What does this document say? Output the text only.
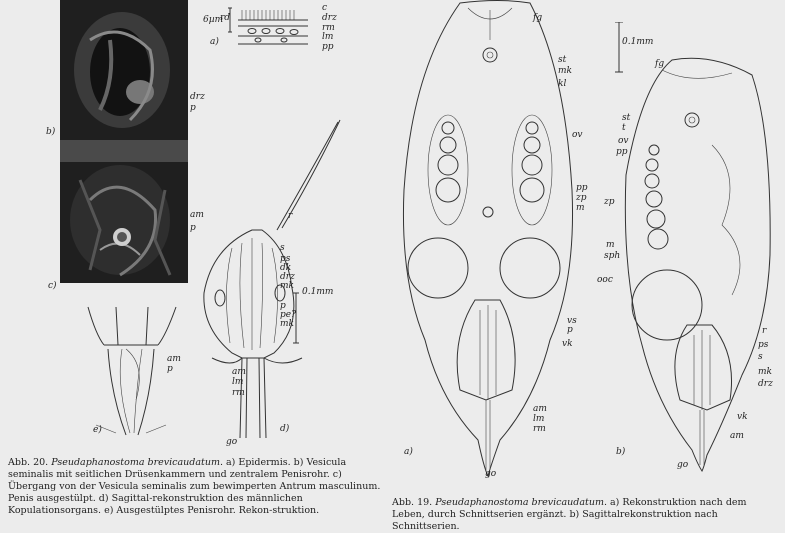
drz
p
b)
am
p
c)
6µm
a)
rd
c
drz
rm
lm
pp
r
s
ps
dk
drz
mk
p
pe?
mk
0.1mm
am
lm
rm
go
d)
am
p
e)
0.1mm
fg
st
mk
kl
ov
pp
zp
m
vs
p
vk
am
lm
rm
go
a)
fg
st
t
ov
pp
zp
m
sph
ooc
r
ps
s
mk
drz
vk
am
go
b)
Abb. 20. Pseudaphanostoma brevicaudatum. a) Epidermis. b) Vesicula seminalis mit seitlichen Drüsenkammern und zentralem Penisrohr. c) Übergang von der Vesicula seminalis zum bewimperten Antrum masculinum. Penis ausgestülpt. d) Sagittal-rekonstruktion des männlichen Kopulationsorgans. e) Ausgestülptes Penisrohr. Rekon-struktion.
Abb. 19. Pseudaphanostoma brevicaudatum. a) Rekonstruktion nach dem Leben, durch Schnittserien ergänzt. b) Sagittalrekonstruktion nach Schnittserien.
